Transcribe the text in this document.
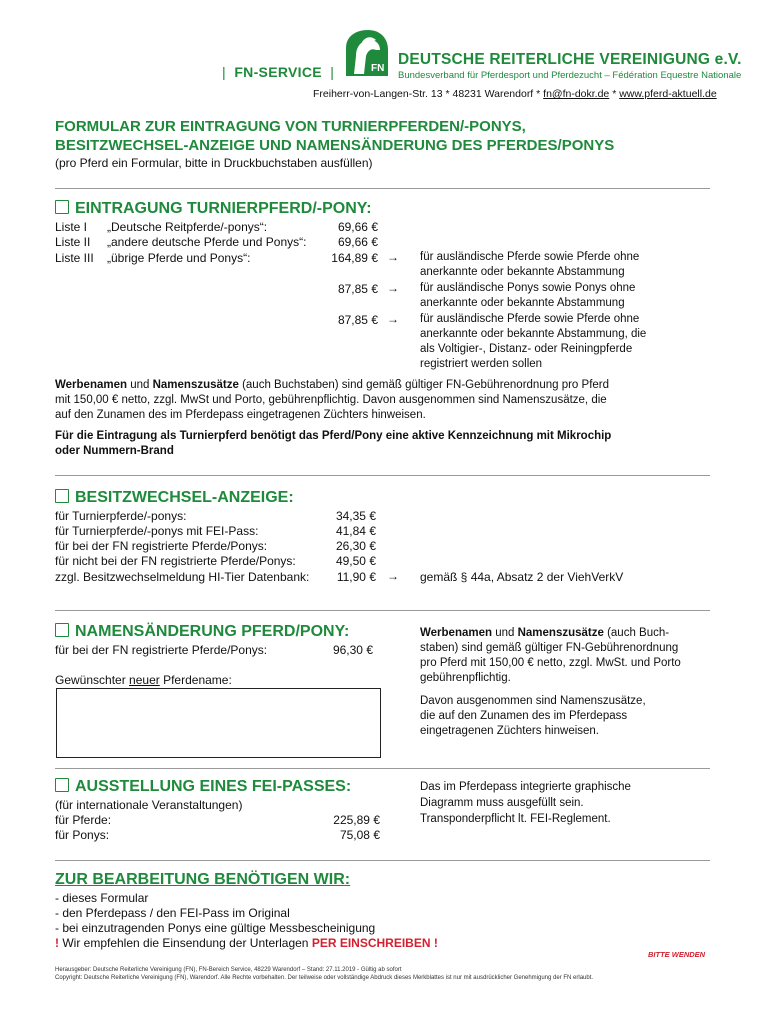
|  FN-SERVICE  |	FN
DEUTSCHE REITERLICHE VEREINIGUNG e.V.
Bundesverband für Pferdesport und Pferdezucht – Fédération Equestre Nationale
Freiherr-von-Langen-Str. 13 * 48231 Warendorf * fn@fn-dokr.de * www.pferd-aktuell.de
FORMULAR ZUR EINTRAGUNG VON TURNIERPFERDEN/-PONYS,
BESITZWECHSEL-ANZEIGE UND NAMENSÄNDERUNG DES PFERDES/PONYS
(pro Pferd ein Formular, bitte in Druckbuchstaben ausfüllen)
EINTRAGUNG TURNIERPFERD/-PONY:
Liste I „Deutsche Reitpferde/-ponys“:	69,66 €
Liste II „andere deutsche Pferde und Ponys“:	69,66 €
Liste III „übrige Pferde und Ponys“:	164,89 € → für ausländische Pferde sowie Pferde ohne
anerkannte oder bekannte Abstammung
87,85 € → für ausländische Ponys sowie Ponys ohne
anerkannte oder bekannte Abstammung
87,85 € → für ausländische Pferde sowie Pferde ohne
anerkannte oder bekannte Abstammung, die
als Voltigier-, Distanz- oder Reiningpferde
registriert werden sollen
Werbenamen und Namenszusätze (auch Buchstaben) sind gemäß gültiger FN-Gebührenordnung pro Pferd
mit 150,00 € netto, zzgl. MwSt und Porto, gebührenpflichtig. Davon ausgenommen sind Namenszusätze, die
auf den Zunamen des im Pferdepass eingetragenen Züchters hinweisen.
Für die Eintragung als Turnierpferd benötigt das Pferd/Pony eine aktive Kennzeichnung mit Mikrochip
oder Nummern-Brand
BESITZWECHSEL-ANZEIGE:
für Turnierpferde/-ponys:	34,35 €
für Turnierpferde/-ponys mit FEI-Pass:	41,84 €
für bei der FN registrierte Pferde/Ponys:	26,30 €
für nicht bei der FN registrierte Pferde/Ponys:	49,50 €
zzgl. Besitzwechselmeldung HI-Tier Datenbank:	11,90 € → gemäß § 44a, Absatz 2 der ViehVerkV
NAMENSÄNDERUNG PFERD/PONY:
für bei der FN registrierte Pferde/Ponys:	96,30 €
Gewünschter neuer Pferdename:
Werbenamen und Namenszusätze (auch Buch-
staben) sind gemäß gültiger FN-Gebührenordnung
pro Pferd mit 150,00 € netto, zzgl. MwSt. und Porto
gebührenpflichtig.
Davon ausgenommen sind Namenszusätze,
die auf den Zunamen des im Pferdepass
eingetragenen Züchters hinweisen.
AUSSTELLUNG EINES FEI-PASSES:
(für internationale Veranstaltungen)
für Pferde:	225,89 €
für Ponys:	75,08 €
Das im Pferdepass integrierte graphische
Diagramm muss ausgefüllt sein.
Transponderpflicht lt. FEI-Reglement.
ZUR BEARBEITUNG BENÖTIGEN WIR:
- dieses Formular
- den Pferdepass / den FEI-Pass im Original
- bei einzutragenden Ponys eine gültige Messbescheinigung
! Wir empfehlen die Einsendung der Unterlagen PER EINSCHREIBEN !
BITTE WENDEN
Herausgeber: Deutsche Reiterliche Vereinigung (FN), FN-Bereich Service, 48229 Warendorf – Stand: 27.11.2019 - Gültig ab sofort
Copyright: Deutsche Reiterliche Vereinigung (FN), Warendorf. Alle Rechte vorbehalten. Der teilweise oder vollständige Abdruck dieses Merkblattes ist nur mit ausdrücklicher Genehmigung der FN erlaubt.
